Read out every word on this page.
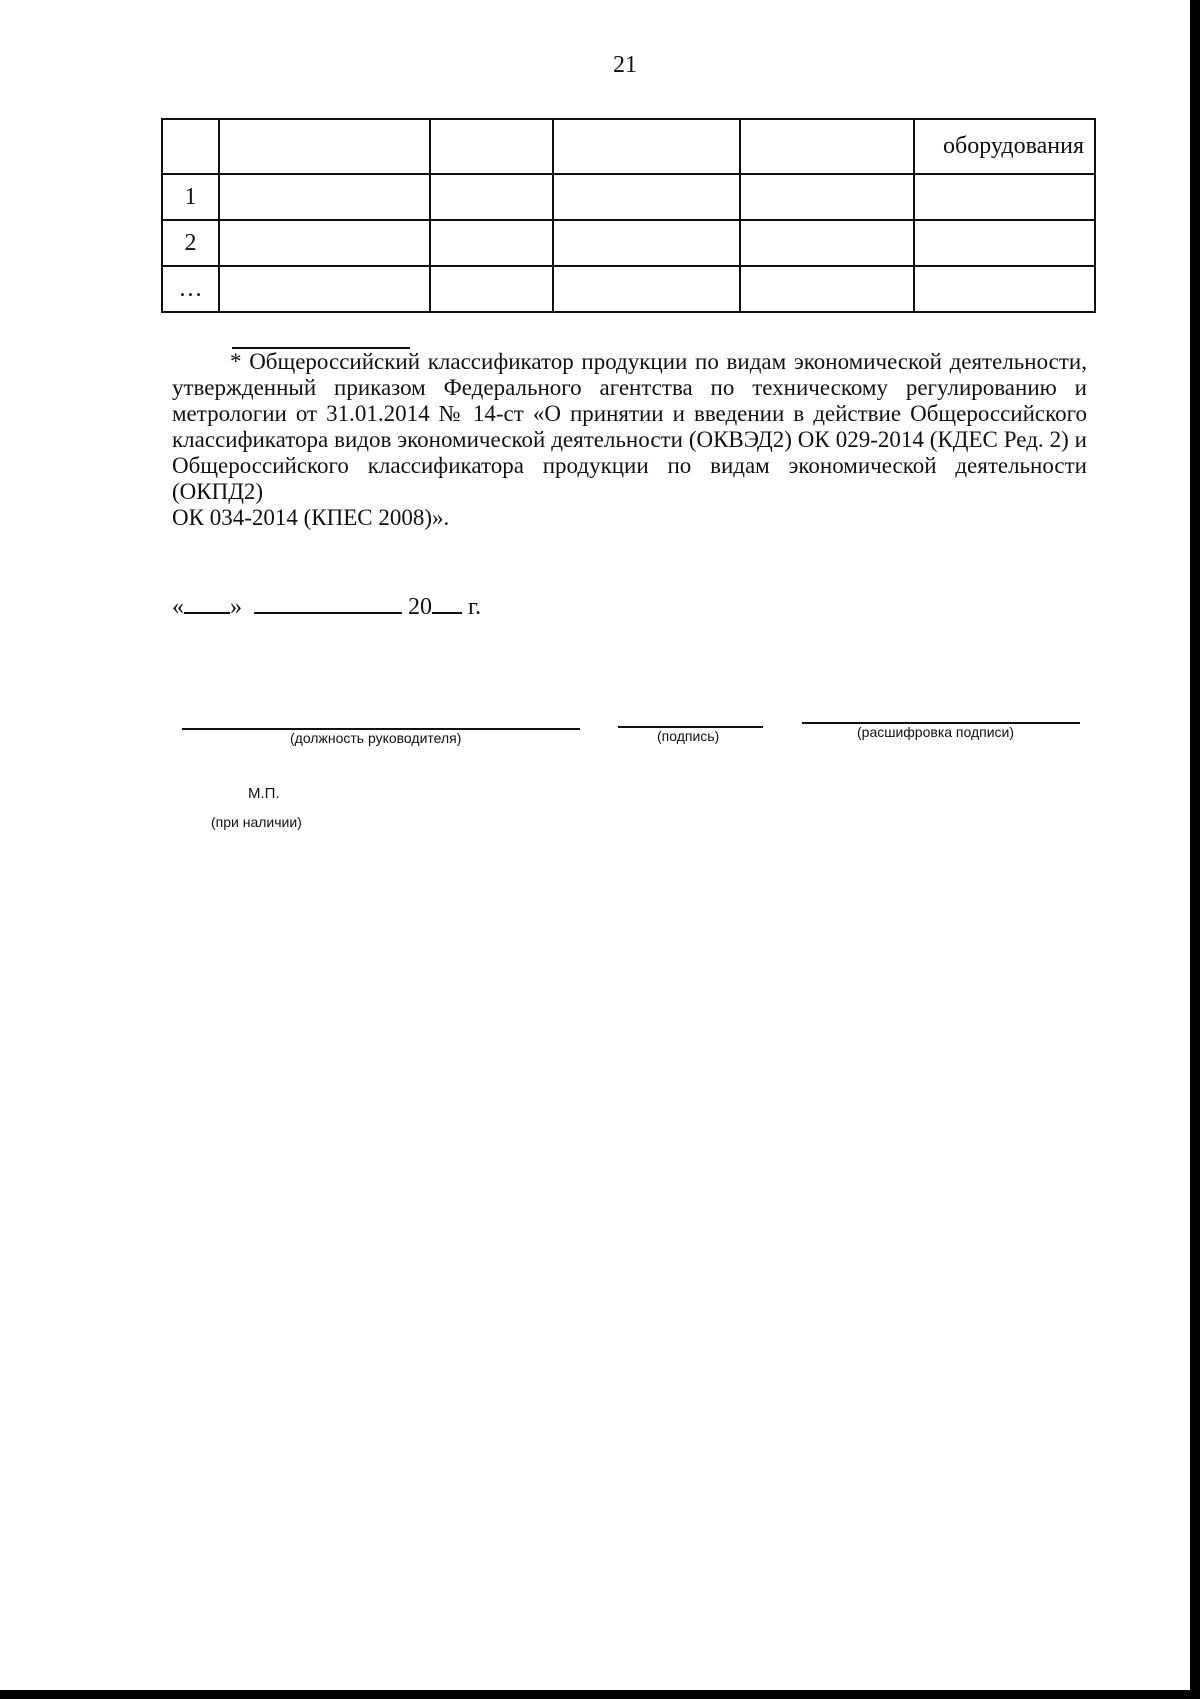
21
					оборудования
1					
2					
…					
* Общероссийский классификатор продукции по видам экономической деятельности,
утвержденный приказом Федерального агентства по техническому регулированию и
метрологии от 31.01.2014 № 14-ст «О принятии и введении в действие Общероссийского
классификатора видов экономической деятельности (ОКВЭД2) ОК 029-2014 (КДЕС Ред. 2) и
Общероссийского классификатора продукции по видам экономической деятельности (ОКПД2)
ОК 034-2014 (КПЕС 2008)».
« »	20 г.
(должность руководителя)	(подпись)	(расшифровка подписи)
М.П.
(при наличии)
